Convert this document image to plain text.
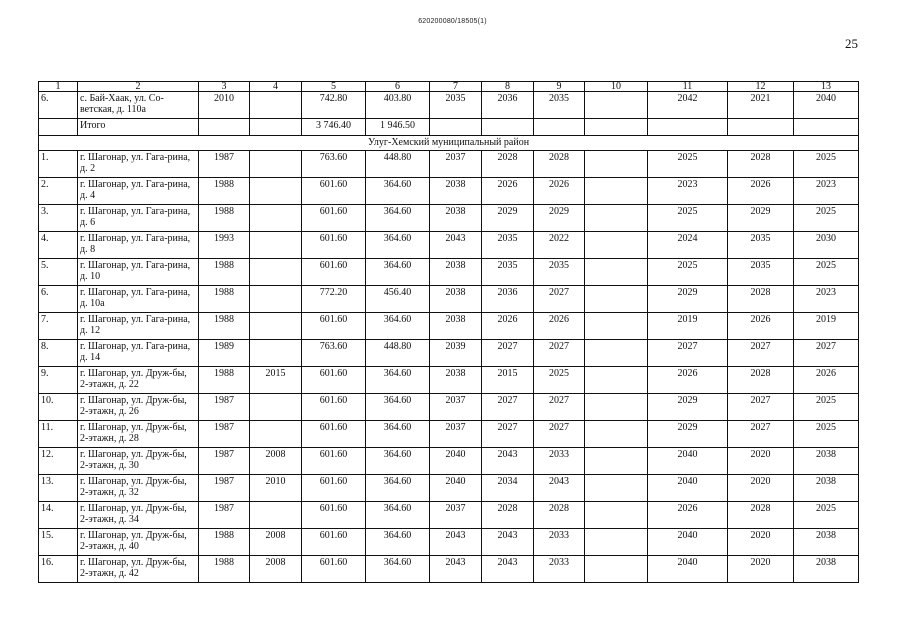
620200080/18505(1)
25
1	2	3	4	5	6	7	8	9	10	11	12	13
6.	с. Бай-Хаак, ул. Со-ветская, д. 110а	2010		742.80	403.80	2035	2036	2035		2042	2021	2040
	Итого			3 746.40	1 946.50							
Улуг-Хемский муниципальный район												
1.	г. Шагонар, ул. Гага-рина, д. 2	1987		763.60	448.80	2037	2028	2028		2025	2028	2025
2.	г. Шагонар, ул. Гага-рина, д. 4	1988		601.60	364.60	2038	2026	2026		2023	2026	2023
3.	г. Шагонар, ул. Гага-рина, д. 6	1988		601.60	364.60	2038	2029	2029		2025	2029	2025
4.	г. Шагонар, ул. Гага-рина, д. 8	1993		601.60	364.60	2043	2035	2022		2024	2035	2030
5.	г. Шагонар, ул. Гага-рина, д. 10	1988		601.60	364.60	2038	2035	2035		2025	2035	2025
6.	г. Шагонар, ул. Гага-рина, д. 10а	1988		772.20	456.40	2038	2036	2027		2029	2028	2023
7.	г. Шагонар, ул. Гага-рина, д. 12	1988		601.60	364.60	2038	2026	2026		2019	2026	2019
8.	г. Шагонар, ул. Гага-рина, д. 14	1989		763.60	448.80	2039	2027	2027		2027	2027	2027
9.	г. Шагонар, ул. Друж-бы, 2-этажн, д. 22	1988	2015	601.60	364.60	2038	2015	2025		2026	2028	2026
10.	г. Шагонар, ул. Друж-бы, 2-этажн, д. 26	1987		601.60	364.60	2037	2027	2027		2029	2027	2025
11.	г. Шагонар, ул. Друж-бы, 2-этажн, д. 28	1987		601.60	364.60	2037	2027	2027		2029	2027	2025
12.	г. Шагонар, ул. Друж-бы, 2-этажн, д. 30	1987	2008	601.60	364.60	2040	2043	2033		2040	2020	2038
13.	г. Шагонар, ул. Друж-бы, 2-этажн, д. 32	1987	2010	601.60	364.60	2040	2034	2043		2040	2020	2038
14.	г. Шагонар, ул. Друж-бы, 2-этажн, д. 34	1987		601.60	364.60	2037	2028	2028		2026	2028	2025
15.	г. Шагонар, ул. Друж-бы, 2-этажн, д. 40	1988	2008	601.60	364.60	2043	2043	2033		2040	2020	2038
16.	г. Шагонар, ул. Друж-бы, 2-этажн, д. 42	1988	2008	601.60	364.60	2043	2043	2033		2040	2020	2038
